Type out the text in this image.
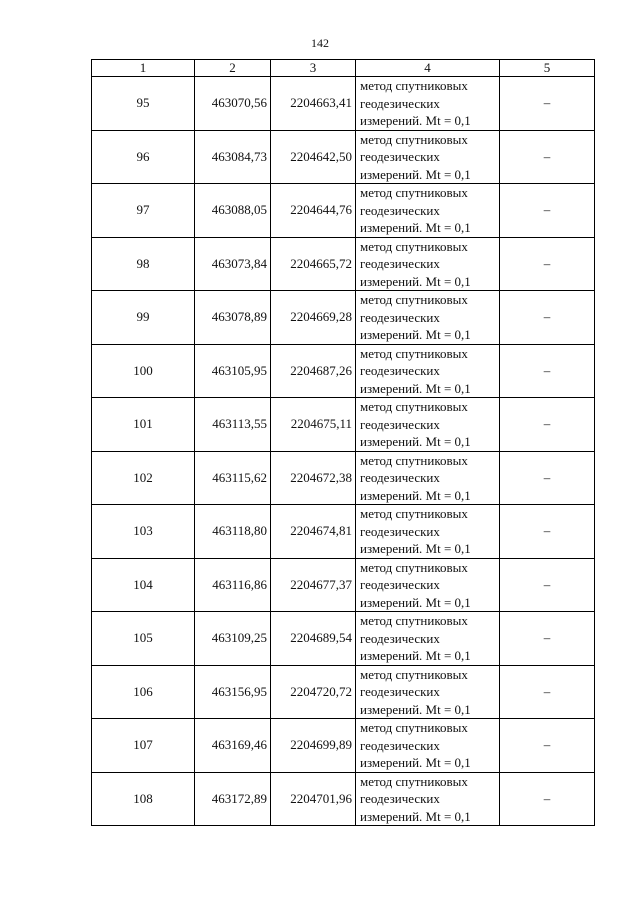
142
1	2	3	4	5
95	463070,56	2204663,41	метод спутниковых
геодезических
измерений. Mt = 0,1	–
96	463084,73	2204642,50	метод спутниковых
геодезических
измерений. Mt = 0,1	–
97	463088,05	2204644,76	метод спутниковых
геодезических
измерений. Mt = 0,1	–
98	463073,84	2204665,72	метод спутниковых
геодезических
измерений. Mt = 0,1	–
99	463078,89	2204669,28	метод спутниковых
геодезических
измерений. Mt = 0,1	–
100	463105,95	2204687,26	метод спутниковых
геодезических
измерений. Mt = 0,1	–
101	463113,55	2204675,11	метод спутниковых
геодезических
измерений. Mt = 0,1	–
102	463115,62	2204672,38	метод спутниковых
геодезических
измерений. Mt = 0,1	–
103	463118,80	2204674,81	метод спутниковых
геодезических
измерений. Mt = 0,1	–
104	463116,86	2204677,37	метод спутниковых
геодезических
измерений. Mt = 0,1	–
105	463109,25	2204689,54	метод спутниковых
геодезических
измерений. Mt = 0,1	–
106	463156,95	2204720,72	метод спутниковых
геодезических
измерений. Mt = 0,1	–
107	463169,46	2204699,89	метод спутниковых
геодезических
измерений. Mt = 0,1	–
108	463172,89	2204701,96	метод спутниковых
геодезических
измерений. Mt = 0,1	–
